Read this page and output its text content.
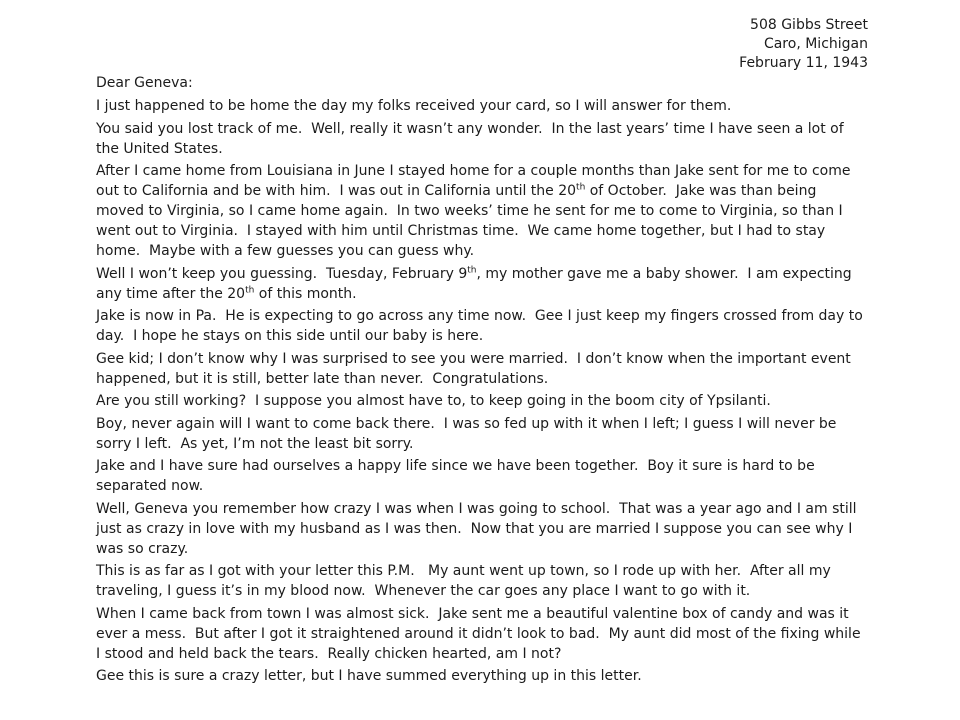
508 Gibbs Street
Caro, Michigan
February 11, 1943

Dear Geneva:

I just happened to be home the day my folks received your card, so I will answer for them.

You said you lost track of me.  Well, really it wasn’t any wonder.  In the last years’ time I have seen a lot of the United States.

After I came home from Louisiana in June I stayed home for a couple months than Jake sent for me to come out to California and be with him.  I was out in California until the 20th of October.  Jake was than being moved to Virginia, so I came home again.  In two weeks’ time he sent for me to come to Virginia, so than I went out to Virginia.  I stayed with him until Christmas time.  We came home together, but I had to stay home.  Maybe with a few guesses you can guess why.

Well I won’t keep you guessing.  Tuesday, February 9th, my mother gave me a baby shower.  I am expecting any time after the 20th of this month.

Jake is now in Pa.  He is expecting to go across any time now.  Gee I just keep my fingers crossed from day to day.  I hope he stays on this side until our baby is here.

Gee kid; I don’t know why I was surprised to see you were married.  I don’t know when the important event happened, but it is still, better late than never.  Congratulations.

Are you still working?  I suppose you almost have to, to keep going in the boom city of Ypsilanti.

Boy, never again will I want to come back there.  I was so fed up with it when I left; I guess I will never be sorry I left.  As yet, I’m not the least bit sorry.

Jake and I have sure had ourselves a happy life since we have been together.  Boy it sure is hard to be separated now.

Well, Geneva you remember how crazy I was when I was going to school.  That was a year ago and I am still just as crazy in love with my husband as I was then.  Now that you are married I suppose you can see why I was so crazy.

This is as far as I got with your letter this P.M.   My aunt went up town, so I rode up with her.  After all my traveling, I guess it’s in my blood now.  Whenever the car goes any place I want to go with it.

When I came back from town I was almost sick.  Jake sent me a beautiful valentine box of candy and was it ever a mess.  But after I got it straightened around it didn’t look to bad.  My aunt did most of the fixing while I stood and held back the tears.  Really chicken hearted, am I not?

Gee this is sure a crazy letter, but I have summed everything up in this letter.
